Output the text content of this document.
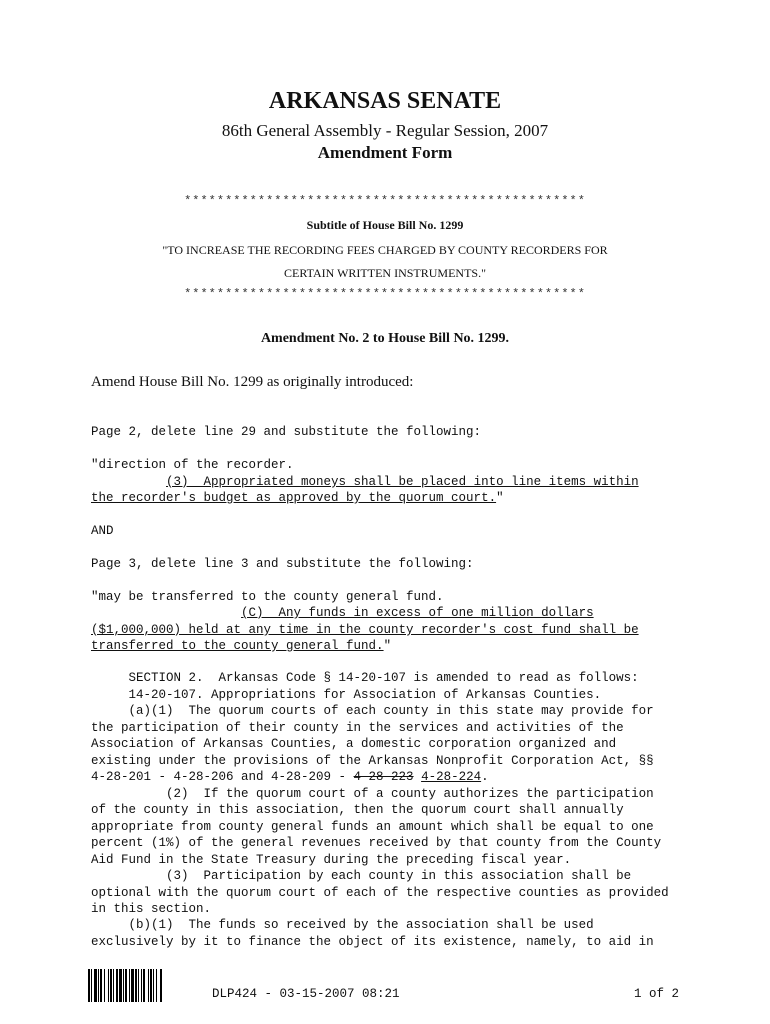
ARKANSAS SENATE
86th General Assembly - Regular Session, 2007
Amendment Form
*************************************************
Subtitle of House Bill No. 1299
"TO INCREASE THE RECORDING FEES CHARGED BY COUNTY RECORDERS FOR
CERTAIN WRITTEN INSTRUMENTS."
*************************************************
Amendment No. 2 to House Bill No. 1299.
Amend House Bill No. 1299 as originally introduced:
Page 2, delete line 29 and substitute the following:
"direction of the recorder.
(3)  Appropriated moneys shall be placed into line items within
the recorder's budget as approved by the quorum court."
AND
Page 3, delete line 3 and substitute the following:
"may be transferred to the county general fund.
(C)  Any funds in excess of one million dollars
($1,000,000) held at any time in the county recorder's cost fund shall be
transferred to the county general fund."
SECTION 2.  Arkansas Code § 14-20-107 is amended to read as follows:
14-20-107. Appropriations for Association of Arkansas Counties.
(a)(1)  The quorum courts of each county in this state may provide for
the participation of their county in the services and activities of the
Association of Arkansas Counties, a domestic corporation organized and
existing under the provisions of the Arkansas Nonprofit Corporation Act, §§
4-28-201 - 4-28-206 and 4-28-209 - 4-28-223 4-28-224.
(2)  If the quorum court of a county authorizes the participation
of the county in this association, then the quorum court shall annually
appropriate from county general funds an amount which shall be equal to one
percent (1%) of the general revenues received by that county from the County
Aid Fund in the State Treasury during the preceding fiscal year.
(3)  Participation by each county in this association shall be
optional with the quorum court of each of the respective counties as provided
in this section.
(b)(1)  The funds so received by the association shall be used
exclusively by it to finance the object of its existence, namely, to aid in
DLP424 - 03-15-2007 08:21	1 of 2
